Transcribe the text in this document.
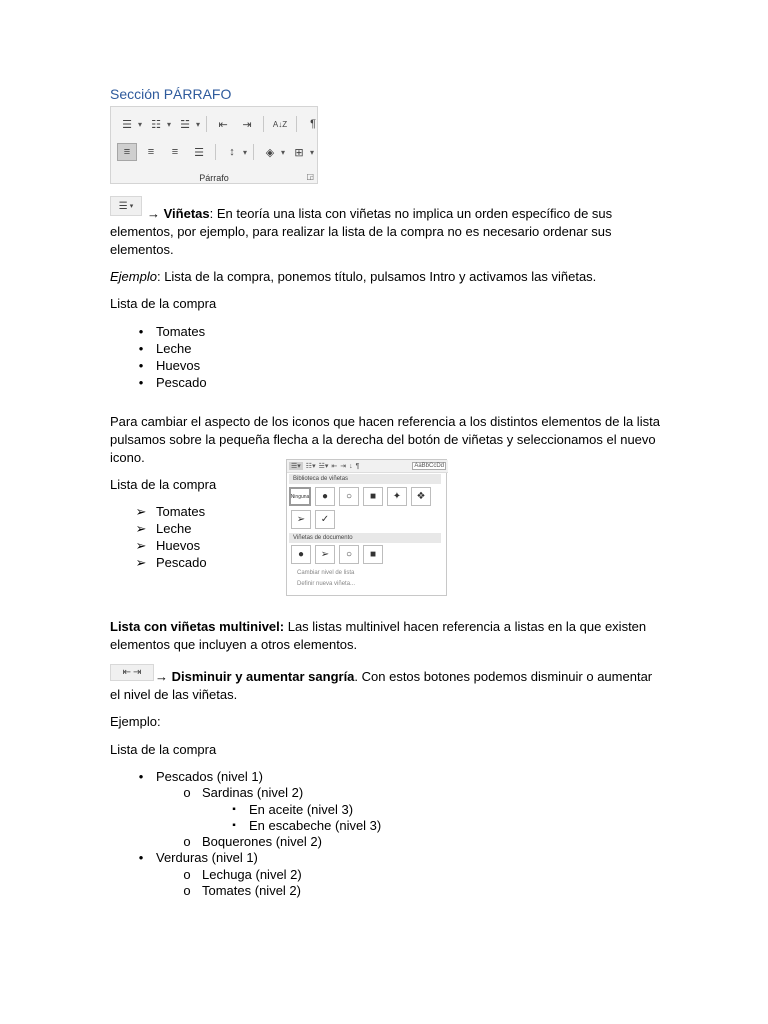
Sección PÁRRAFO
☰ ▾ ☷ ▾ ☱ ▾	⇤	⇥	A↓Z	¶
≡	≡	≡	☰	↕	▾	◈ ▾ ⊞ ▾
Párrafo	◲
☰ ▾	→ Viñetas: En teoría una lista con viñetas no implica un orden específico de sus elementos, por ejemplo, para realizar la lista de la compra no es necesario ordenar sus elementos.

Ejemplo: Lista de la compra, ponemos título, pulsamos Intro y activamos las viñetas.

Lista de la compra
• Tomates
• Leche
• Huevos
• Pescado

Para cambiar el aspecto de los iconos que hacen referencia a los distintos elementos de la lista pulsamos sobre la pequeña flecha a la derecha del botón de viñetas y seleccionamos el nuevo icono.

Lista de la compra
➢ Tomates
➢ Leche
➢ Huevos
➢ Pescado
☰▾ ☷▾ ☱▾ ⇤ ⇥ ↓ ¶	AaBbCcDd
Biblioteca de viñetas
Ninguna	●	○	■	✦	❖
➢	✓
Viñetas de documento
●	➢	○	■
Cambiar nivel de lista
Definir nueva viñeta...

Lista con viñetas multinivel: Las listas multinivel hacen referencia a listas en la que existen elementos que incluyen a otros elementos.

⇤ ⇥	→ Disminuir y aumentar sangría. Con estos botones podemos disminuir o aumentar el nivel de las viñetas.

Ejemplo:
Lista de la compra
• Pescados (nivel 1)
o Sardinas (nivel 2)
▪	En aceite (nivel 3)
▪	En escabeche (nivel 3)
o Boquerones (nivel 2)
• Verduras (nivel 1)
o Lechuga (nivel 2)
o Tomates (nivel 2)
